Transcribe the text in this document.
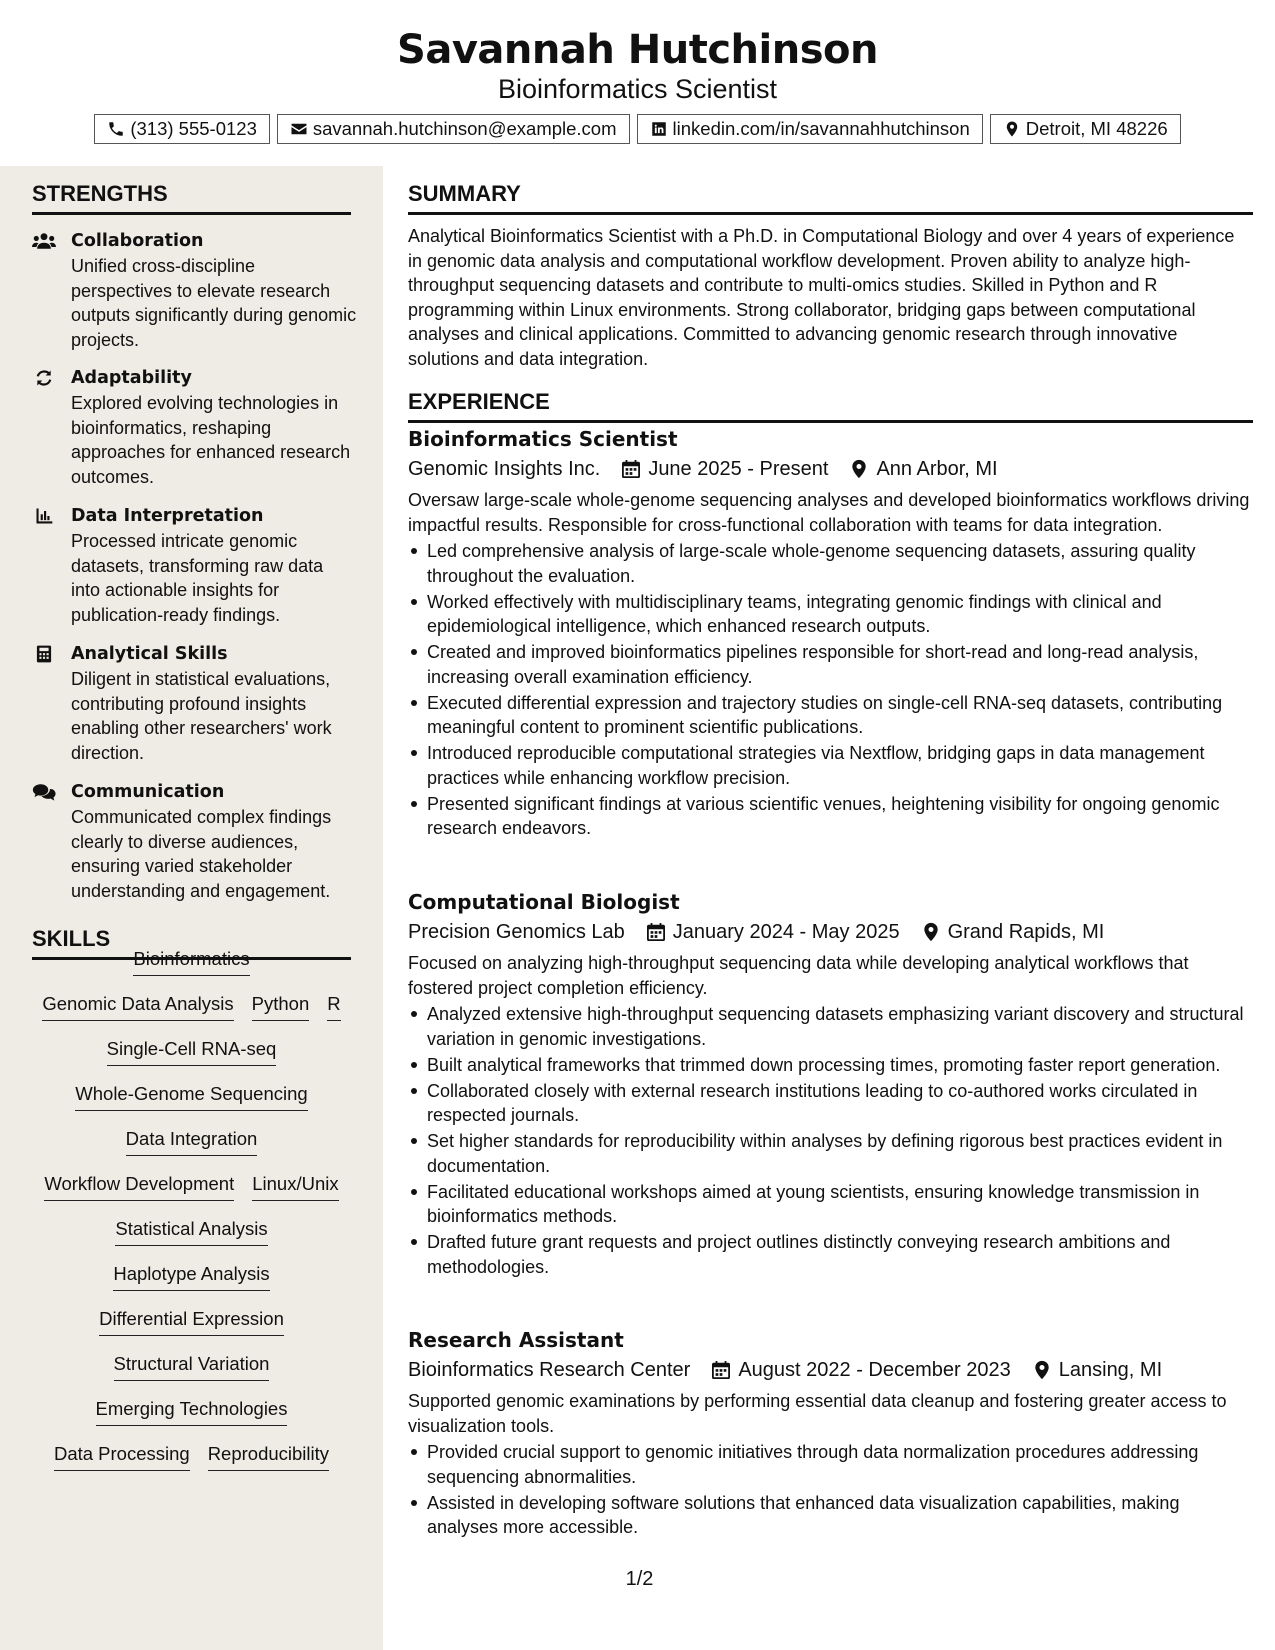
Savannah Hutchinson
Bioinformatics Scientist
(313) 555-0123	savannah.hutchinson@example.com	linkedin.com/in/savannahhutchinson	Detroit, MI 48226
STRENGTHS
Collaboration
Unified cross-discipline perspectives to elevate research outputs significantly during genomic projects.
Adaptability
Explored evolving technologies in bioinformatics, reshaping approaches for enhanced research outcomes.
Data Interpretation
Processed intricate genomic datasets, transforming raw data into actionable insights for publication-ready findings.
Analytical Skills
Diligent in statistical evaluations, contributing profound insights enabling other researchers' work direction.
Communication
Communicated complex findings clearly to diverse audiences, ensuring varied stakeholder understanding and engagement.
SKILLS
Bioinformatics
Genomic Data Analysis Python R
Single-Cell RNA-seq
Whole-Genome Sequencing
Data Integration
Workflow Development Linux/Unix
Statistical Analysis
Haplotype Analysis
Differential Expression
Structural Variation
Emerging Technologies
Data Processing Reproducibility
SUMMARY
Analytical Bioinformatics Scientist with a Ph.D. in Computational Biology and over 4 years of experience in genomic data analysis and computational workflow development. Proven ability to analyze high-throughput sequencing datasets and contribute to multi-omics studies. Skilled in Python and R programming within Linux environments. Strong collaborator, bridging gaps between computational analyses and clinical applications. Committed to advancing genomic research through innovative solutions and data integration.
EXPERIENCE
Bioinformatics Scientist
Genomic Insights Inc. June 2025 - Present Ann Arbor, MI
Oversaw large-scale whole-genome sequencing analyses and developed bioinformatics workflows driving impactful results. Responsible for cross-functional collaboration with teams for data integration.
Led comprehensive analysis of large-scale whole-genome sequencing datasets, assuring quality throughout the evaluation.
Worked effectively with multidisciplinary teams, integrating genomic findings with clinical and epidemiological intelligence, which enhanced research outputs.
Created and improved bioinformatics pipelines responsible for short-read and long-read analysis, increasing overall examination efficiency.
Executed differential expression and trajectory studies on single-cell RNA-seq datasets, contributing meaningful content to prominent scientific publications.
Introduced reproducible computational strategies via Nextflow, bridging gaps in data management practices while enhancing workflow precision.
Presented significant findings at various scientific venues, heightening visibility for ongoing genomic research endeavors.
Computational Biologist
Precision Genomics Lab January 2024 - May 2025 Grand Rapids, MI
Focused on analyzing high-throughput sequencing data while developing analytical workflows that fostered project completion efficiency.
Analyzed extensive high-throughput sequencing datasets emphasizing variant discovery and structural variation in genomic investigations.
Built analytical frameworks that trimmed down processing times, promoting faster report generation.
Collaborated closely with external research institutions leading to co-authored works circulated in respected journals.
Set higher standards for reproducibility within analyses by defining rigorous best practices evident in documentation.
Facilitated educational workshops aimed at young scientists, ensuring knowledge transmission in bioinformatics methods.
Drafted future grant requests and project outlines distinctly conveying research ambitions and methodologies.
Research Assistant
Bioinformatics Research Center August 2022 - December 2023 Lansing, MI
Supported genomic examinations by performing essential data cleanup and fostering greater access to visualization tools.
Provided crucial support to genomic initiatives through data normalization procedures addressing sequencing abnormalities.
Assisted in developing software solutions that enhanced data visualization capabilities, making analyses more accessible.
1/2
